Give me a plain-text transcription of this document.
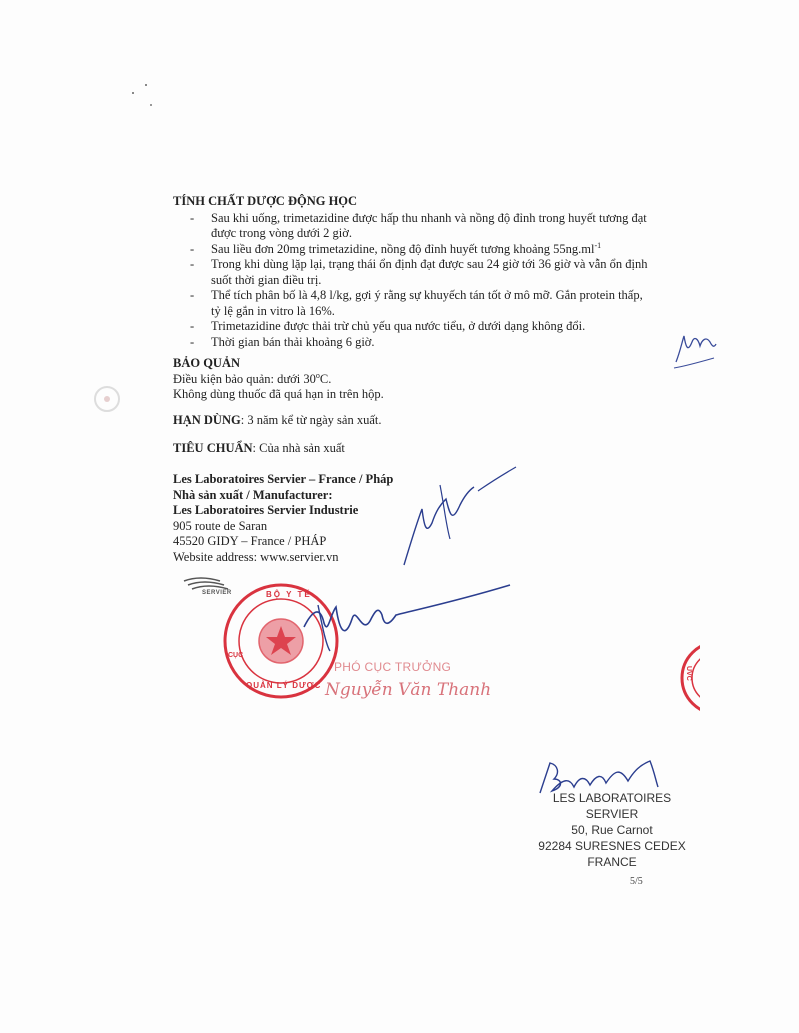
TÍNH CHẤT DƯỢC ĐỘNG HỌC
- Sau khi uống, trimetazidine được hấp thu nhanh và nồng độ đỉnh trong huyết tương đạt được trong vòng dưới 2 giờ.
- Sau liều đơn 20mg trimetazidine, nồng độ đỉnh huyết tương khoảng $55ng.ml^{-1}$
- Trong khi dùng lặp lại, trạng thái ổn định đạt được sau 24 giờ tới 36 giờ và vẫn ổn định suốt thời gian điều trị.
- Thể tích phân bố là 4,8 l/kg, gợi ý rằng sự khuyếch tán tốt ở mô mỡ. Gắn protein thấp, tỷ lệ gắn in vitro là 16%.
- Trimetazidine được thải trừ chủ yếu qua nước tiểu, ở dưới dạng không đổi.
- Thời gian bán thải khoảng 6 giờ.
BẢO QUẢN
Điều kiện bảo quản: dưới 30$^o$C.
Không dùng thuốc đã quá hạn in trên hộp.
HẠN DÙNG: 3 năm kể từ ngày sản xuất.
TIÊU CHUẨN: Của nhà sản xuất
Les Laboratoires Servier – France / Pháp
Nhà sản xuất / Manufacturer:
Les Laboratoires Servier Industrie
905 route de Saran
45520 GIDY – France / PHÁP
Website address: www.servier.vn
SERVIER	BỘ Y TẾ
CỤC
QUẢN LÝ DƯỢC
PHÓ CỤC TRƯỞNG
Nguyễn Văn Thanh
UVC
LES LABORATOIRES SERVIER
50, Rue Carnot
92284 SURESNES CEDEX
FRANCE
5/5
